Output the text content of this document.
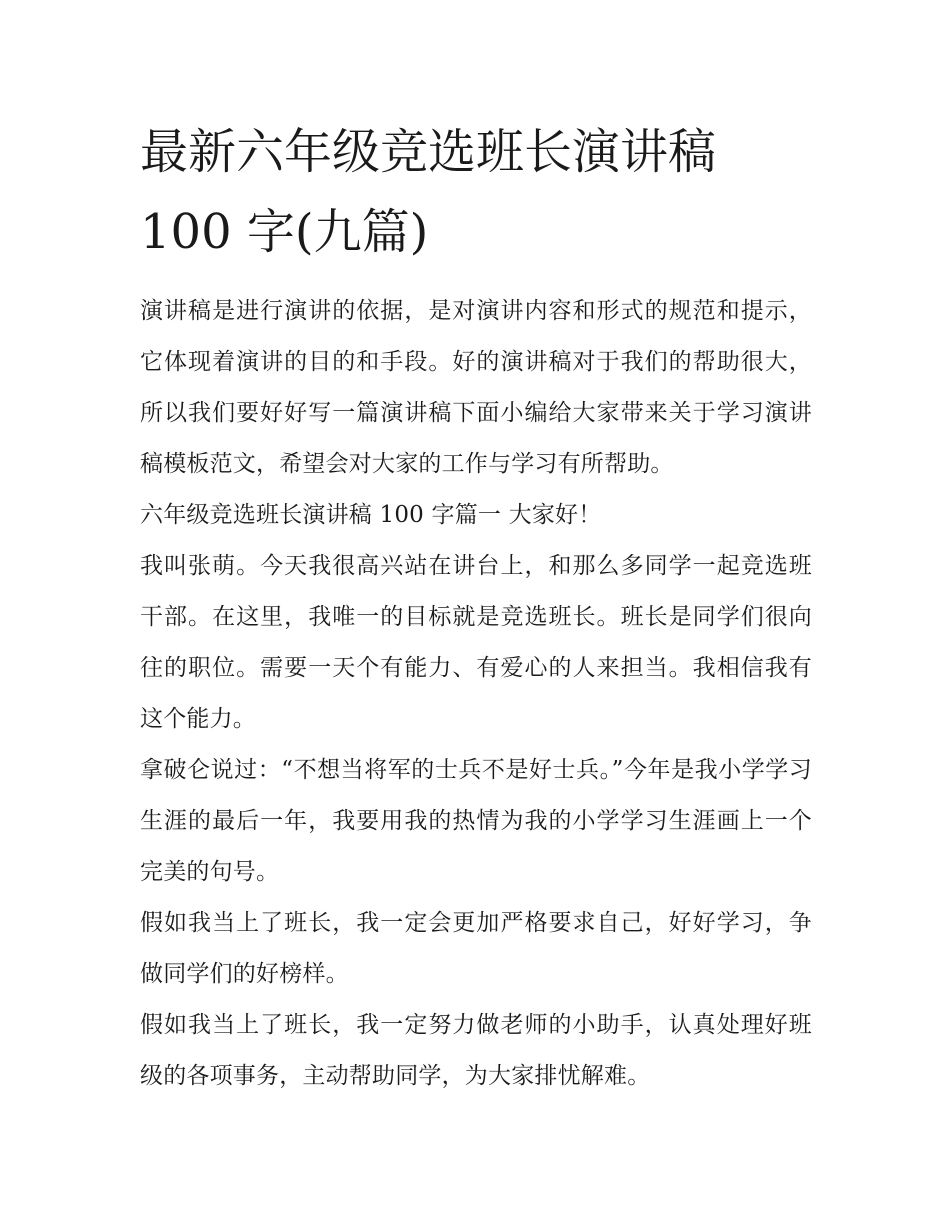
最新六年级竞选班长演讲稿
100 字(九篇)

演讲稿是进行演讲的依据，是对演讲内容和形式的规范和提示，它体现着演讲的目的和手段。好的演讲稿对于我们的帮助很大，所以我们要好好写一篇演讲稿下面小编给大家带来关于学习演讲稿模板范文，希望会对大家的工作与学习有所帮助。

六年级竞选班长演讲稿 100 字篇一 大家好！

我叫张萌。今天我很高兴站在讲台上，和那么多同学一起竞选班干部。在这里，我唯一的目标就是竞选班长。班长是同学们很向往的职位。需要一天个有能力、有爱心的人来担当。我相信我有这个能力。

拿破仑说过：“不想当将军的士兵不是好士兵。”今年是我小学学习生涯的最后一年，我要用我的热情为我的小学学习生涯画上一个完美的句号。

假如我当上了班长，我一定会更加严格要求自己，好好学习，争做同学们的好榜样。

假如我当上了班长，我一定努力做老师的小助手，认真处理好班级的各项事务，主动帮助同学，为大家排忧解难。
